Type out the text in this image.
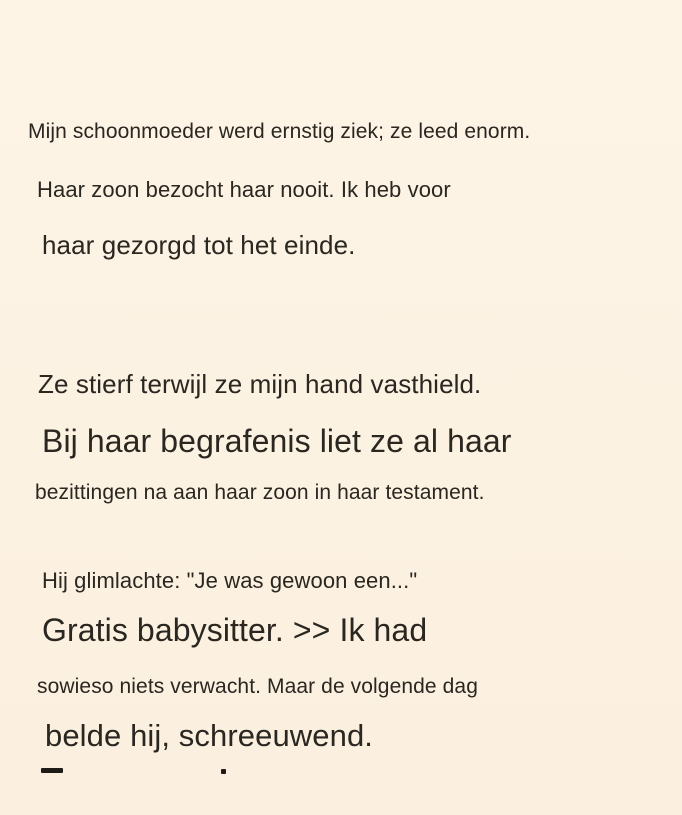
Mijn schoonmoeder werd ernstig ziek; ze leed enorm.
Haar zoon bezocht haar nooit. Ik heb voor
haar gezorgd tot het einde.
Ze stierf terwijl ze mijn hand vasthield.
Bij haar begrafenis liet ze al haar
bezittingen na aan haar zoon in haar testament.
Hij glimlachte: "Je was gewoon een..."
Gratis babysitter. >> Ik had
sowieso niets verwacht. Maar de volgende dag
belde hij, schreeuwend.
